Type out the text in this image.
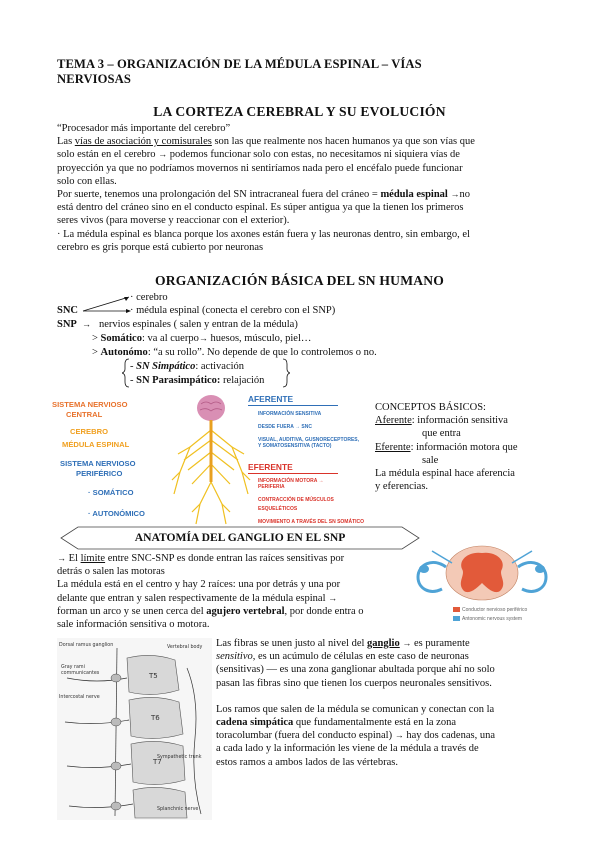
TEMA 3 – ORGANIZACIÓN DE LA MÉDULA ESPINAL – VÍAS
NERVIOSAS
LA CORTEZA CEREBRAL Y SU EVOLUCIÓN
“Procesador más importante del cerebro”
Las vías de asociación y comisurales son las que realmente nos hacen humanos ya que son vías que
solo están en el cerebro → podemos funcionar solo con estas, no necesitamos ni siquiera vías de
proyección ya que no podríamos movernos ni sentiríamos nada pero el encéfalo puede funcionar
solo con ellas.
Por suerte, tenemos una prolongación del SN intracraneal fuera del cráneo = médula espinal →no
está dentro del cráneo sino en el conducto espinal. Es súper antigua ya que la tienen los primeros
seres vivos (para moverse y reaccionar con el exterior).
· La médula espinal es blanca porque los axones están fuera y las neuronas dentro, sin embargo, el
cerebro es gris porque está cubierto por neuronas
ORGANIZACIÓN BÁSICA DEL SN HUMANO
· cerebro
SNC	· médula espinal (conecta el cerebro con el SNP)
SNP → nervios espinales ( salen y entran de la médula)
> Somático: va al cuerpo→ huesos, músculo, piel…
> Autonómo: “a su rollo”. No depende de que lo controlemos o no.
- SN Simpático: activación
- SN Parasimpático: relajación
SISTEMA NERVIOSO
CENTRAL
CEREBRO
MÉDULA ESPINAL
SISTEMA NERVIOSO
PERIFÉRICO
· SOMÁTICO
· AUTONÓMICO
AFERENTE
INFORMACIÓN SENSITIVA
DESDE FUERA → SNC
VISUAL, AUDITIVA, GUSNORECEPTORES,
Y SOMATOSENSITIVA (TACTO)
EFERENTE
INFORMACIÓN MOTORA →
PERIFERIA
CONTRACCIÓN DE MÚSCULOS ESQUELÉTICOS
MOVIMIENTO A TRAVÉS DEL SN SOMÁTICO
CONCEPTOS BÁSICOS:
Aferente: información sensitiva
que entra
Eferente: información motora que
sale
La médula espinal hace aferencia
y eferencias.
ANATOMÍA DEL GANGLIO EN EL SNP
→ El límite entre SNC-SNP es donde entran las raíces sensitivas por
detrás o salen las motoras
La médula está en el centro y hay 2 raíces: una por detrás y una por
delante que entran y salen respectivamente de la médula espinal →
forman un arco y se unen cerca del agujero vertebral, por donde entra o
sale información sensitiva o motora.
Conductor nervioso periférico
Antonomic nervous system
Dorsal ramus ganglion
Gray rami
communicantes
Vertebral body
Intercostal nerve
Sympathetic trunk
Splanchnic nerve
T5
T6
T7
Las fibras se unen justo al nivel del ganglio → es puramente
sensitivo, es un acúmulo de células en este caso de neuronas
(sensitivas) — es una zona ganglionar abultada porque ahí no solo
pasan las fibras sino que tienen los cuerpos neuronales sensitivos.
Los ramos que salen de la médula se comunican y conectan con la
cadena simpática que fundamentalmente está en la zona
toracolumbar (fuera del conducto espinal) → hay dos cadenas, una
a cada lado y la información les viene de la médula a través de
estos ramos a ambos lados de las vértebras.
